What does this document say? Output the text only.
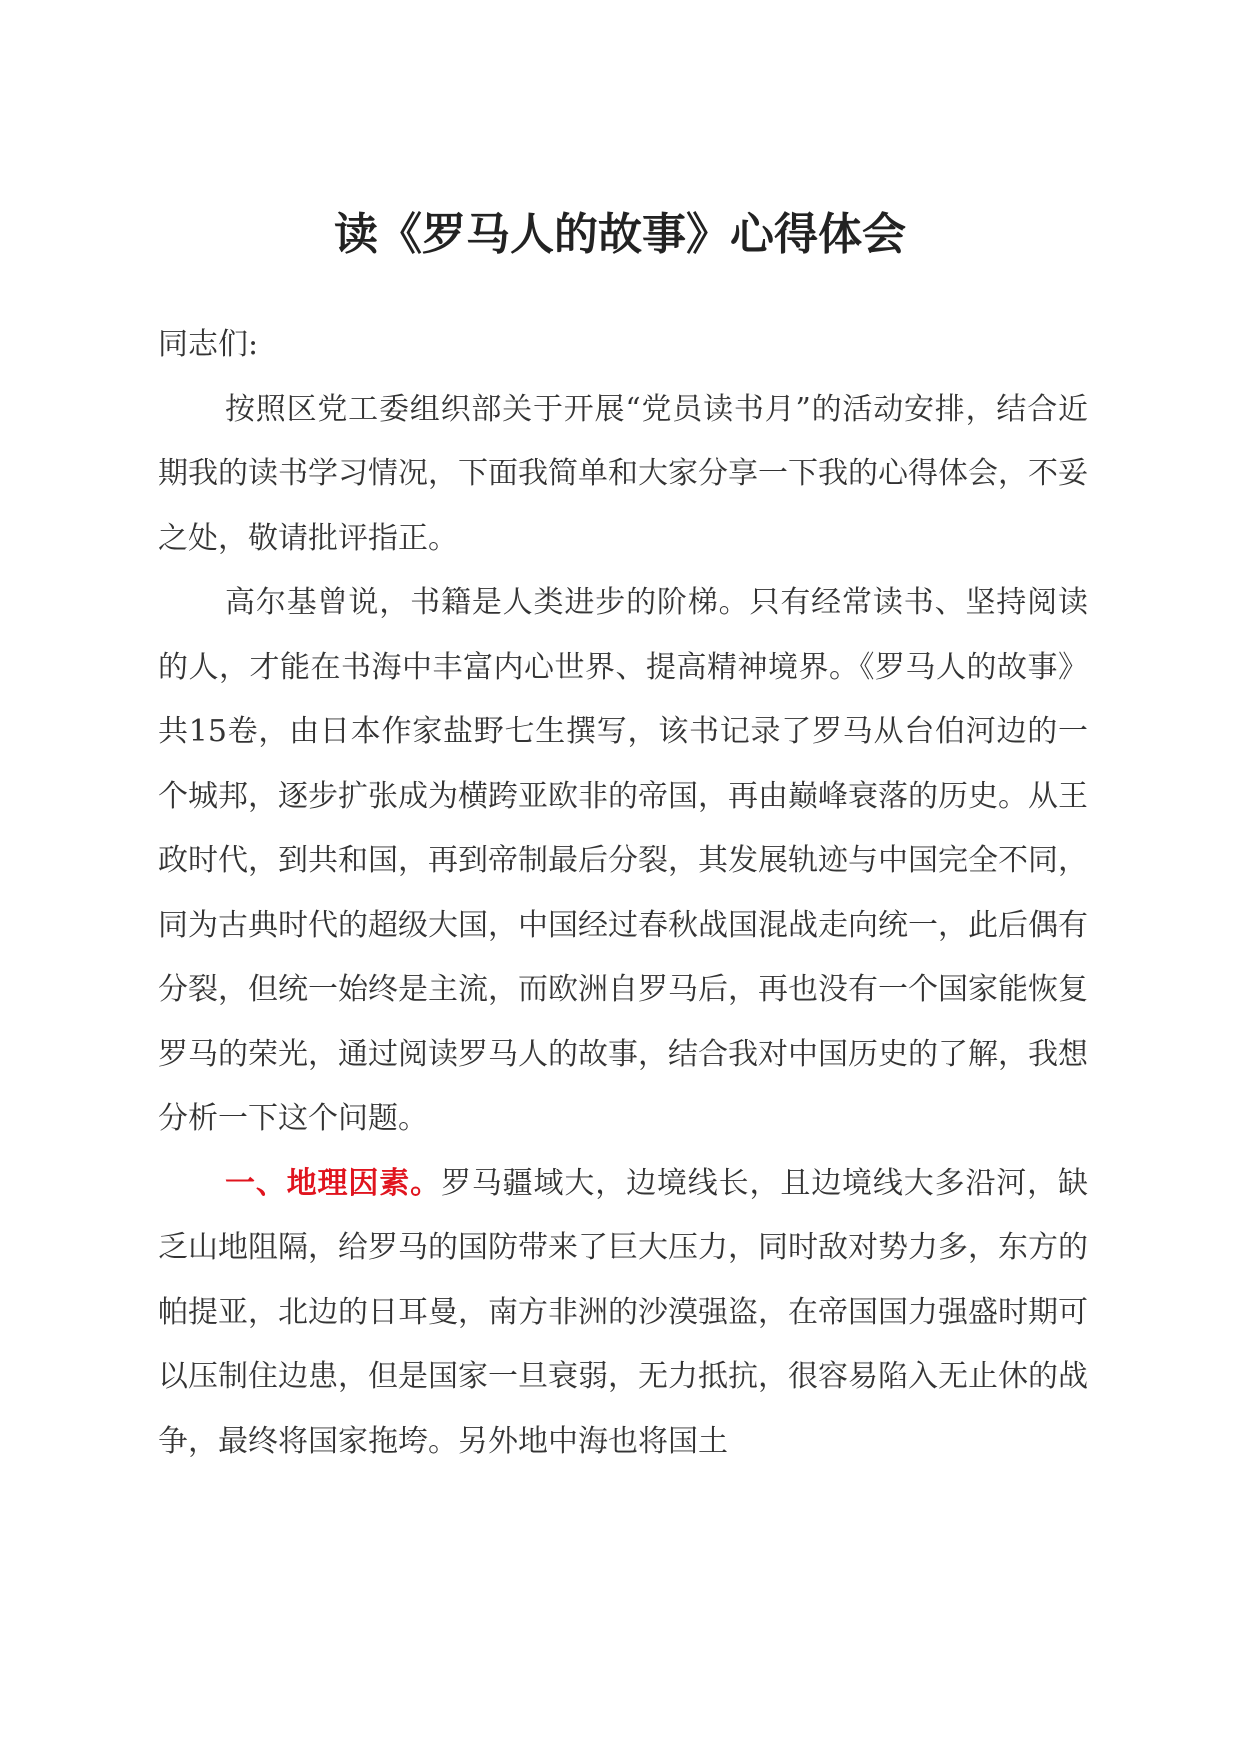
读《罗马人的故事》心得体会

同志们:

按照区党工委组织部关于开展“党员读书月”的活动安排，结合近期我的读书学习情况，下面我简单和大家分享一下我的心得体会，不妥之处，敬请批评指正。

高尔基曾说，书籍是人类进步的阶梯。只有经常读书、坚持阅读的人，才能在书海中丰富内心世界、提高精神境界。《罗马人的故事》共15卷，由日本作家盐野七生撰写，该书记录了罗马从台伯河边的一个城邦，逐步扩张成为横跨亚欧非的帝国，再由巅峰衰落的历史。从王政时代，到共和国，再到帝制最后分裂，其发展轨迹与中国完全不同，同为古典时代的超级大国，中国经过春秋战国混战走向统一，此后偶有分裂，但统一始终是主流，而欧洲自罗马后，再也没有一个国家能恢复罗马的荣光，通过阅读罗马人的故事，结合我对中国历史的了解，我想分析一下这个问题。

一、地理因素。罗马疆域大，边境线长，且边境线大多沿河，缺乏山地阻隔，给罗马的国防带来了巨大压力，同时敌对势力多，东方的帕提亚，北边的日耳曼，南方非洲的沙漠强盗，在帝国国力强盛时期可以压制住边患，但是国家一旦衰弱，无力抵抗，很容易陷入无止休的战争，最终将国家拖垮。另外地中海也将国土
